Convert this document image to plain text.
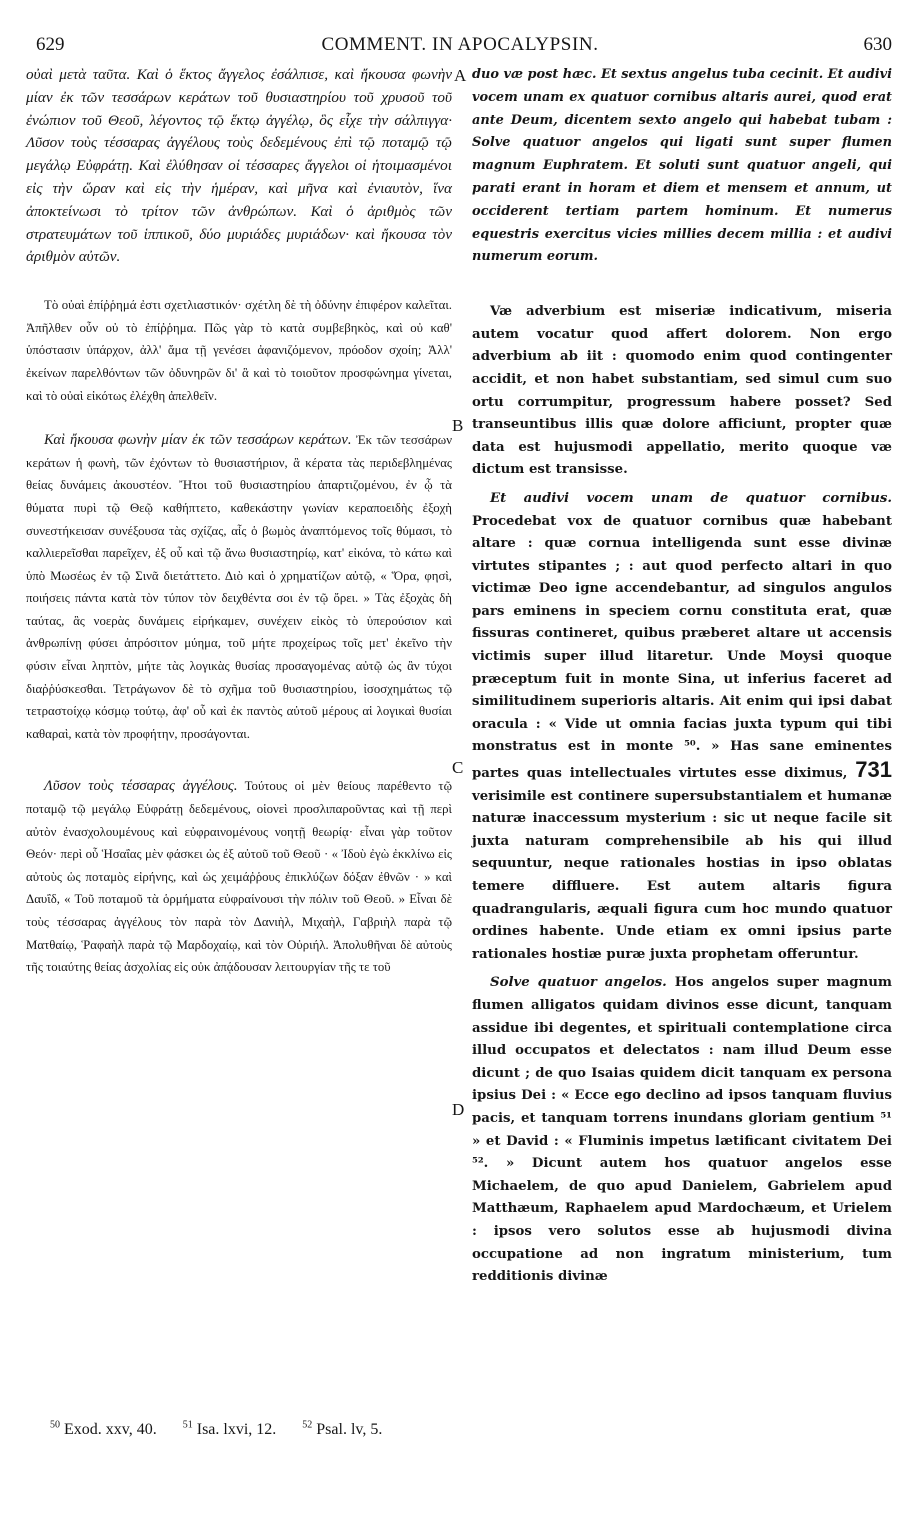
629	COMMENT. IN APOCALYPSIN.	630

οὐαὶ μετὰ ταῦτα. Καὶ ὁ ἕκτος ἄγγελος ἐσάλπισε, καὶ ἤκουσα φωνὴν μίαν ἐκ τῶν τεσσάρων κεράτων τοῦ θυσιαστηρίου τοῦ χρυσοῦ τοῦ ἐνώπιον τοῦ Θεοῦ, λέγοντος τῷ ἕκτῳ ἀγγέλῳ, ὃς εἶχε τὴν σάλπιγγα· Λῦσον τοὺς τέσσαρας ἀγγέλους τοὺς δεδεμένους ἐπὶ τῷ ποταμῷ τῷ μεγάλῳ Εὐφράτῃ. Καὶ ἐλύθησαν οἱ τέσσαρες ἄγγελοι οἱ ἡτοιμασμένοι εἰς τὴν ὥραν καὶ εἰς τὴν ἡμέραν, καὶ μῆνα καὶ ἐνιαυτὸν, ἵνα ἀποκτείνωσι τὸ τρίτον τῶν ἀνθρώπων. Καὶ ὁ ἀριθμὸς τῶν στρατευμάτων τοῦ ἱππικοῦ, δύο μυριάδες μυριάδων· καὶ ἤκουσα τὸν ἀριθμὸν αὐτῶν.

Τὸ οὐαὶ ἐπίῤῥημά ἐστι σχετλιαστικόν· σχέτλη δὲ τὴ ὀδύνην ἐπιφέρον καλεῖται. Ἀπῆλθεν οὖν οὐ τὸ ἐπίῤῥημα. Πῶς γὰρ τὸ κατὰ συμβεβηκὸς, καὶ οὐ καθ' ὑπόστασιν ὑπάρχον, ἀλλ' ἅμα τῇ γενέσει ἀφανιζόμενον, πρόοδον σχοίη; Ἀλλ' ἐκείνων παρελθόντων τῶν ὀδυνηρῶν δι' ἃ καὶ τὸ τοιοῦτον προσφώνημα γίνεται, καὶ τὸ οὐαὶ εἰκότως ἐλέχθη ἀπελθεῖν.

Καὶ ἤκουσα φωνὴν μίαν ἐκ τῶν τεσσάρων κεράτων. Ἐκ τῶν τεσσάρων κεράτων ἡ φωνὴ, τῶν ἐχόντων τὸ θυσιαστήριον, ἃ κέρατα τὰς περιδεβλημένας θείας δυνάμεις ἀκουστέον. Ἤτοι τοῦ θυσιαστηρίου ἀπαρτιζομένου, ἐν ᾧ τὰ θύματα πυρὶ τῷ Θεῷ καθήπτετο, καθεκάστην γωνίαν κεραποειδὴς ἐξοχὴ συνεστήκεισαν συνέξουσα τὰς σχίζας, αἷς ὁ βωμὸς ἀναπτόμενος τοῖς θύμασι, τὸ καλλιερεῖσθαι παρεῖχεν, ἐξ οὗ καὶ τῷ ἄνω θυσιαστηρίῳ, κατ' εἰκόνα, τὸ κάτω καὶ ὑπὸ Μωσέως ἐν τῷ Σινᾶ διετάττετο. Διὸ καὶ ὁ χρηματίζων αὐτῷ, « Ὅρα, φησὶ, ποιήσεις πάντα κατὰ τὸν τύπον τὸν δειχθέντα σοι ἐν τῷ ὄρει. » Τὰς ἐξοχὰς δὴ ταύτας, ἃς νοερὰς δυνάμεις εἰρήκαμεν, συνέχειν εἰκὸς τὸ ὑπερούσιον καὶ ἀνθρωπίνῃ φύσει ἀπρόσιτον μύημα, τοῦ μήτε προχείρως τοῖς μετ' ἐκεῖνο τὴν φύσιν εἶναι ληπτὸν, μήτε τὰς λογικὰς θυσίας προσαγομένας αὐτῷ ὡς ἂν τύχοι διαῤῥύσκεσθαι. Τετράγωνον δὲ τὸ σχῆμα τοῦ θυσιαστηρίου, ἰσοσχημάτως τῷ τετραστοίχῳ κόσμῳ τούτῳ, ἀφ' οὗ καὶ ἐκ παντὸς αὐτοῦ μέρους αἱ λογικαὶ θυσίαι καθαραὶ, κατὰ τὸν προφήτην, προσάγονται.

Λῦσον τοὺς τέσσαρας ἀγγέλους. Τούτους οἱ μὲν θείους παρέθεντο τῷ ποταμῷ τῷ μεγάλῳ Εὐφράτῃ δεδεμένους, οἱονεὶ προσλιπαροῦντας καὶ τῇ περὶ αὐτὸν ἐνασχολουμένους καὶ εὐφραινομένους νοητῇ θεωρίᾳ· εἶναι γὰρ τοῦτον Θεόν· περὶ οὗ Ἡσαΐας μὲν φάσκει ὡς ἐξ αὐτοῦ τοῦ Θεοῦ · « Ἰδοὺ ἐγὼ ἐκκλίνω εἰς αὐτοὺς ὡς ποταμὸς εἰρήνης, καὶ ὡς χειμάῤῥους ἐπικλύζων δόξαν ἐθνῶν · » καὶ Δαυΐδ, « Τοῦ ποταμοῦ τὰ ὁρμήματα εὐφραίνουσι τὴν πόλιν τοῦ Θεοῦ. » Εἶναι δὲ τοὺς τέσσαρας ἀγγέλους τὸν παρὰ τὸν Δανιὴλ, Μιχαὴλ, Γαβριὴλ παρὰ τῷ Ματθαίῳ, Ῥαφαὴλ παρὰ τῷ Μαρδοχαίῳ, καὶ τὸν Οὐριήλ. Ἀπολυθῆναι δὲ αὐτοὺς τῆς τοιαύτης θείας ἀσχολίας εἰς οὐκ ἀπᾴδουσαν λειτουργίαν τῆς τε τοῦ

duo væ post hæc. Et sextus angelus tuba cecinit. Et audivi vocem unam ex quatuor cornibus altaris aurei, quod erat ante Deum, dicentem sexto angelo qui habebat tubam : Solve quatuor angelos qui ligati sunt super flumen magnum Euphratem. Et soluti sunt quatuor angeli, qui parati erant in horam et diem et mensem et annum, ut occiderent tertiam partem hominum. Et numerus equestris exercitus vicies millies decem millia : et audivi numerum eorum.

Væ adverbium est miseriæ indicativum, miseria autem vocatur quod affert dolorem. Non ergo adverbium ab iit : quomodo enim quod contingenter accidit, et non habet substantiam, sed simul cum suo ortu corrumpitur, progressum habere posset? Sed transeuntibus illis quæ dolore afficiunt, propter quæ data est hujusmodi appellatio, merito quoque væ dictum est transisse.

Et audivi vocem unam de quatuor cornibus. Procedebat vox de quatuor cornibus quæ habebant altare : quæ cornua intelligenda sunt esse divinæ virtutes stipantes ; : aut quod perfecto altari in quo victimæ Deo igne accendebantur, ad singulos angulos pars eminens in speciem cornu constituta erat, quæ fissuras contineret, quibus præberet altare ut accensis victimis super illud litaretur. Unde Moysi quoque præceptum fuit in monte Sina, ut inferius faceret ad similitudinem superioris altaris. Ait enim qui ipsi dabat oracula : « Vide ut omnia facias juxta typum qui tibi monstratus est in monte ⁵⁰. » Has sane eminentes partes quas intellectuales virtutes esse diximus, 731 verisimile est continere supersubstantialem et humanæ naturæ inaccessum mysterium : sic ut neque facile sit juxta naturam comprehensibile ab his qui illud sequuntur, neque rationales hostias in ipso oblatas temere diffluere. Est autem altaris figura quadrangularis, æquali figura cum hoc mundo quatuor ordines habente. Unde etiam ex omni ipsius parte rationales hostiæ puræ juxta prophetam offeruntur.

Solve quatuor angelos. Hos angelos super magnum flumen alligatos quidam divinos esse dicunt, tanquam assidue ibi degentes, et spirituali contemplatione circa illud occupatos et delectatos : nam illud Deum esse dicunt ; de quo Isaias quidem dicit tanquam ex persona ipsius Dei : « Ecce ego declino ad ipsos tanquam fluvius pacis, et tanquam torrens inundans gloriam gentium ⁵¹ » et David : « Fluminis impetus lætificant civitatem Dei ⁵². » Dicunt autem hos quatuor angelos esse Michaelem, de quo apud Danielem, Gabrielem apud Matthæum, Raphaelem apud Mardochæum, et Urielem : ipsos vero solutos esse ab hujusmodi divina occupatione ad non ingratum ministerium, tum redditionis divinæ

A
B
C
D
$^{50}$ Exod. xxv, 40.	$^{51}$ Isa. lxvi, 12.	$^{52}$ Psal. lv, 5.
